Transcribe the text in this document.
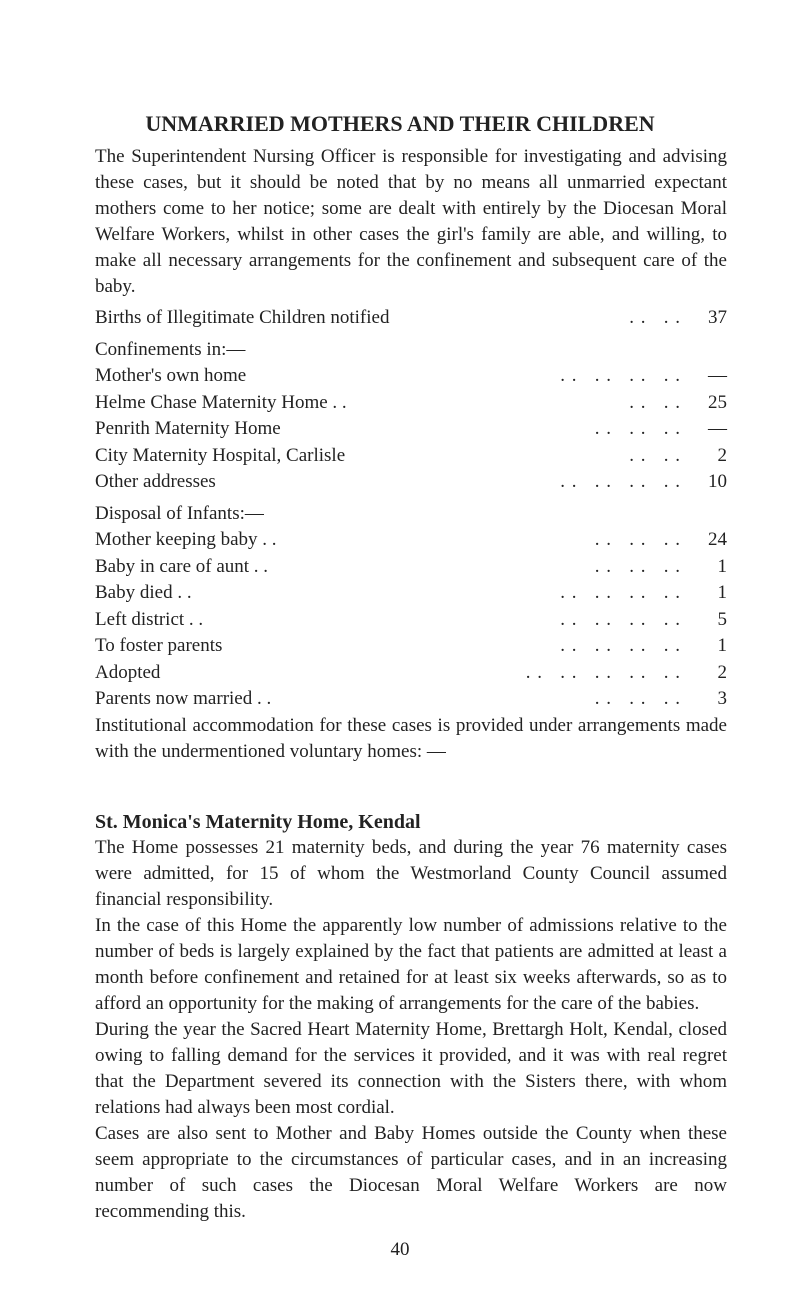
UNMARRIED MOTHERS AND THEIR CHILDREN

The Superintendent Nursing Officer is responsible for investigating and advising these cases, but it should be noted that by no means all unmarried expectant mothers come to her notice; some are dealt with entirely by the Diocesan Moral Welfare Workers, whilst in other cases the girl's family are able, and willing, to make all necessary arrangements for the confinement and subsequent care of the baby.

Births of Illegitimate Children notified	. .   . .	37
Confinements in:—
Mother's own home	. .   . .   . .   . .	—
Helme Chase Maternity Home . .	. .   . .	25
Penrith Maternity Home	. .   . .   . .	—
City Maternity Hospital, Carlisle	. .   . .	2
Other addresses	. .   . .   . .   . .	10
Disposal of Infants:—
Mother keeping baby . .	. .   . .   . .	24
Baby in care of aunt . .	. .   . .   . .	1
Baby died . .	. .   . .   . .   . .	1
Left district . .	. .   . .   . .   . .	5
To foster parents	. .   . .   . .   . .	1
Adopted	. .   . .   . .   . .   . .	2
Parents now married . .	. .   . .   . .	3

Institutional accommodation for these cases is provided under arrangements made with the undermentioned voluntary homes: —

St. Monica's Maternity Home, Kendal

The Home possesses 21 maternity beds, and during the year 76 maternity cases were admitted, for 15 of whom the Westmorland County Council assumed financial responsibility.

In the case of this Home the apparently low number of admissions relative to the number of beds is largely explained by the fact that patients are admitted at least a month before confinement and retained for at least six weeks afterwards, so as to afford an opportunity for the making of arrangements for the care of the babies.

During the year the Sacred Heart Maternity Home, Brettargh Holt, Kendal, closed owing to falling demand for the services it provided, and it was with real regret that the Department severed its connection with the Sisters there, with whom relations had always been most cordial.

Cases are also sent to Mother and Baby Homes outside the County when these seem appropriate to the circumstances of particular cases, and in an increasing number of such cases the Diocesan Moral Welfare Workers are now recommending this.

40
